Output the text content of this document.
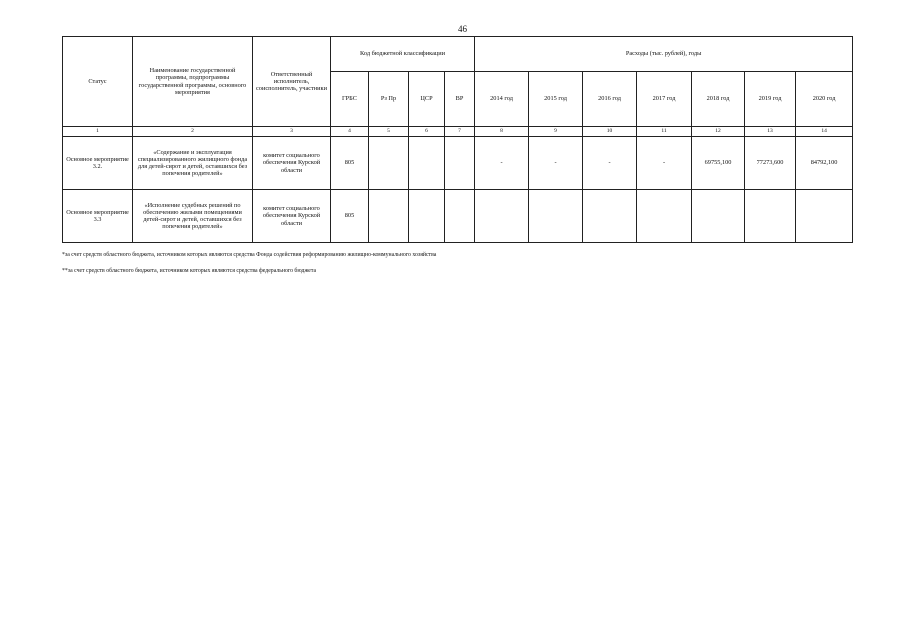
46
Статус	Наименование государственной программы, подпрограммы государственной программы, основного мероприятия	Ответственный исполнитель, соисполнитель, участники	Код бюджетной классификации				Расходы (тыс. рублей), годы						
			ГРБС	Рз Пр	ЦСР	ВР	2014 год	2015 год	2016 год	2017 год	2018 год	2019 год	2020 год
1	2	3	4	5	6	7	8	9	10	11	12	13	14
Основное мероприятие 3.2.	«Содержание и эксплуатация специализированного жилищного фонда для детей-сирот и детей, оставшихся без попечения родителей»	комитет социального обеспечения Курской области	805				-	-	-	-	69755,100	77273,600	84792,100
Основное мероприятие 3.3	«Исполнение судебных решений по обеспечению жилыми помещениями детей-сирот и детей, оставшихся без попечения родителей»	комитет социального обеспечения Курской области	805										
*за счет средств областного бюджета, источником которых являются средства Фонда содействия реформированию жилищно-коммунального хозяйства
**за счет средств областного бюджета, источником которых являются средства федерального бюджета
